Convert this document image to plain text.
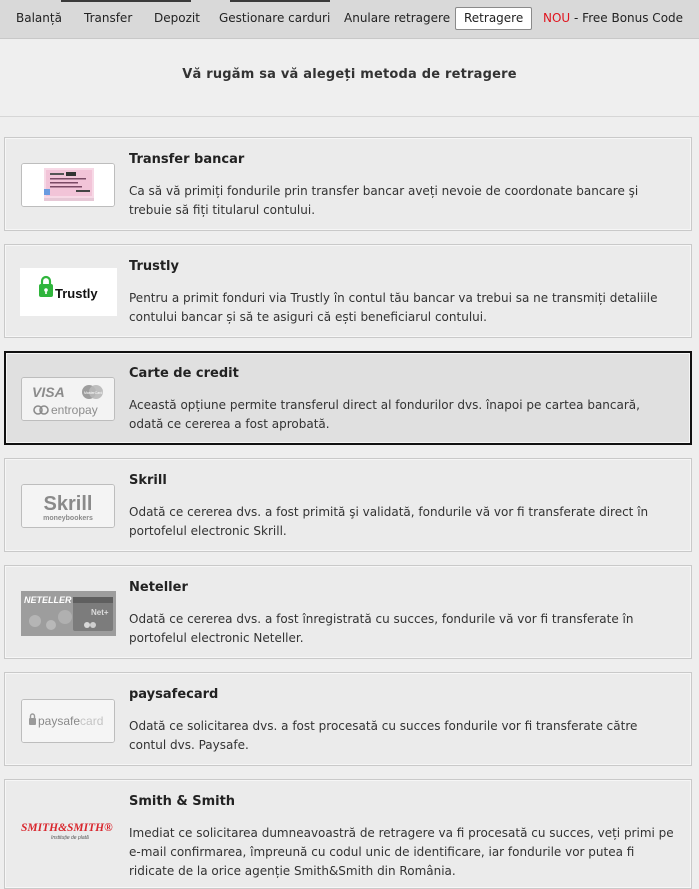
Balanță Transfer Depozit Gestionare carduri Anulare retragere	Retragere	NOU - Free Bonus Code
Vă rugăm sa vă alegeți metoda de retragere
Transfer bancar
Ca să vă primiți fondurile prin transfer bancar aveți nevoie de coordonate bancare şi trebuie să fiți titularul contului.
Trustly
Trustly
Pentru a primit fonduri via Trustly în contul tău bancar va trebui sa ne transmiți detaliile contului bancar și să te asiguri că ești beneficiarul contului.
VISA	MasterCard
entropay
Carte de credit
Această opțiune permite transferul direct al fondurilor dvs. înapoi pe cartea bancară, odată ce cererea a fost aprobată.
Skrill
moneybookers
Skrill
Odată ce cererea dvs. a fost primită şi validată, fondurile vă vor fi transferate direct în portofelul electronic Skrill.
NETELLER
Net+
Neteller
Odată ce cererea dvs. a fost înregistrată cu succes, fondurile vă vor fi transferate în portofelul electronic Neteller.
paysafecard
paysafecard
Odată ce solicitarea dvs. a fost procesată cu succes fondurile vor fi transferate către contul dvs. Paysafe.
SMITH&SMITH®
Instituție de plată
Smith & Smith
Imediat ce solicitarea dumneavoastră de retragere va fi procesată cu succes, veți primi pe e-mail confirmarea, împreună cu codul unic de identificare, iar fondurile vor putea fi ridicate de la orice agenție Smith&Smith din România.
